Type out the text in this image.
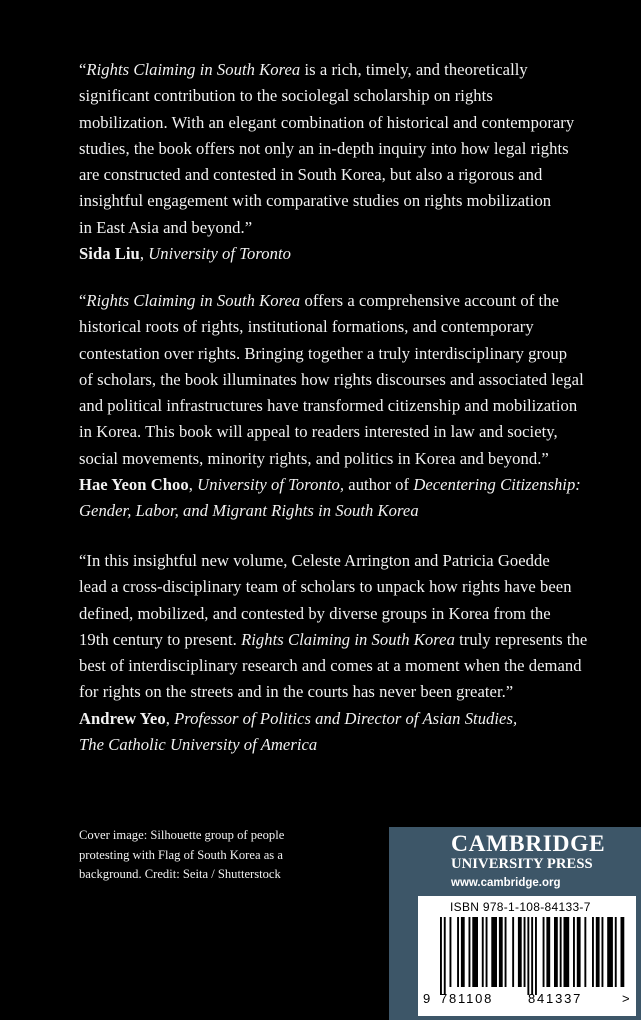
“Rights Claiming in South Korea is a rich, timely, and theoretically
significant contribution to the sociolegal scholarship on rights
mobilization. With an elegant combination of historical and contemporary
studies, the book offers not only an in-depth inquiry into how legal rights
are constructed and contested in South Korea, but also a rigorous and
insightful engagement with comparative studies on rights mobilization
in East Asia and beyond.”
Sida Liu, University of Toronto
“Rights Claiming in South Korea offers a comprehensive account of the
historical roots of rights, institutional formations, and contemporary
contestation over rights. Bringing together a truly interdisciplinary group
of scholars, the book illuminates how rights discourses and associated legal
and political infrastructures have transformed citizenship and mobilization
in Korea. This book will appeal to readers interested in law and society,
social movements, minority rights, and politics in Korea and beyond.”
Hae Yeon Choo, University of Toronto, author of Decentering Citizenship:
Gender, Labor, and Migrant Rights in South Korea
“In this insightful new volume, Celeste Arrington and Patricia Goedde
lead a cross-disciplinary team of scholars to unpack how rights have been
defined, mobilized, and contested by diverse groups in Korea from the
19th century to present. Rights Claiming in South Korea truly represents the
best of interdisciplinary research and comes at a moment when the demand
for rights on the streets and in the courts has never been greater.”
Andrew Yeo, Professor of Politics and Director of Asian Studies,
The Catholic University of America
Cover image: Silhouette group of people
protesting with Flag of South Korea as a
background. Credit: Seita / Shutterstock
CAMBRIDGE
UNIVERSITY PRESS
www.cambridge.org
ISBN 978-1-108-84133-7
9 781108	841337	>
